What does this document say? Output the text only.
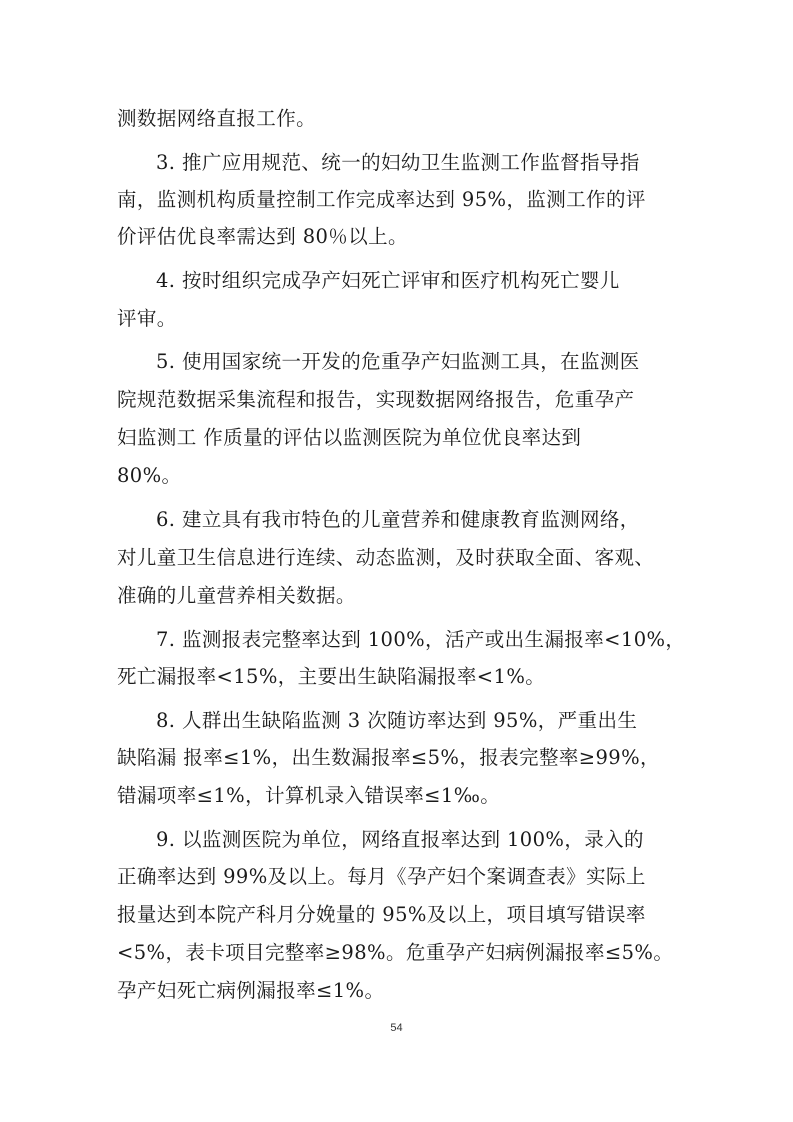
测数据网络直报工作。
3. 推广应用规范、统一的妇幼卫生监测工作监督指导指
南，监测机构质量控制工作完成率达到 95%，监测工作的评
价评估优良率需达到 80％以上。
4. 按时组织完成孕产妇死亡评审和医疗机构死亡婴儿
评审。
5. 使用国家统一开发的危重孕产妇监测工具，在监测医
院规范数据采集流程和报告，实现数据网络报告，危重孕产
妇监测工 作质量的评估以监测医院为单位优良率达到
80%。
6. 建立具有我市特色的儿童营养和健康教育监测网络，
对儿童卫生信息进行连续、动态监测，及时获取全面、客观、
准确的儿童营养相关数据。
7. 监测报表完整率达到 100%，活产或出生漏报率<10%，
死亡漏报率<15%，主要出生缺陷漏报率<1%。
8. 人群出生缺陷监测 3 次随访率达到 95%，严重出生
缺陷漏 报率≤1%，出生数漏报率≤5%，报表完整率≥99%，
错漏项率≤1%，计算机录入错误率≤1‰。
9. 以监测医院为单位，网络直报率达到 100%，录入的
正确率达到 99%及以上。每月《孕产妇个案调查表》实际上
报量达到本院产科月分娩量的 95%及以上，项目填写错误率
<5%，表卡项目完整率≥98%。危重孕产妇病例漏报率≤5%。
孕产妇死亡病例漏报率≤1%。
54
